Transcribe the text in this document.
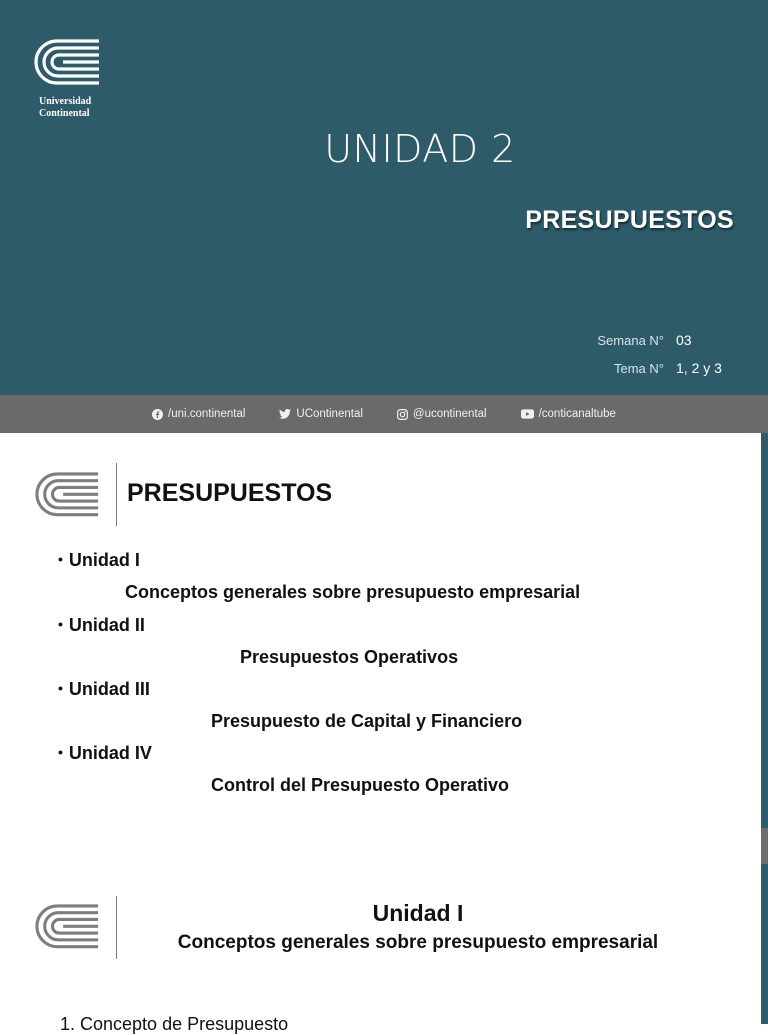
Universidad
Continental
UNIDAD 2
PRESUPUESTOS
Semana N° 03
Tema N° 1, 2 y 3
/uni.continental	UContinental	@ucontinental	/conticanaltube
PRESUPUESTOS
• Unidad I
Conceptos generales sobre presupuesto empresarial
• Unidad II
Presupuestos Operativos
• Unidad III
Presupuesto de Capital y Financiero
• Unidad IV
Control del Presupuesto Operativo
Unidad I
Conceptos generales sobre presupuesto empresarial
1. Concepto de Presupuesto
